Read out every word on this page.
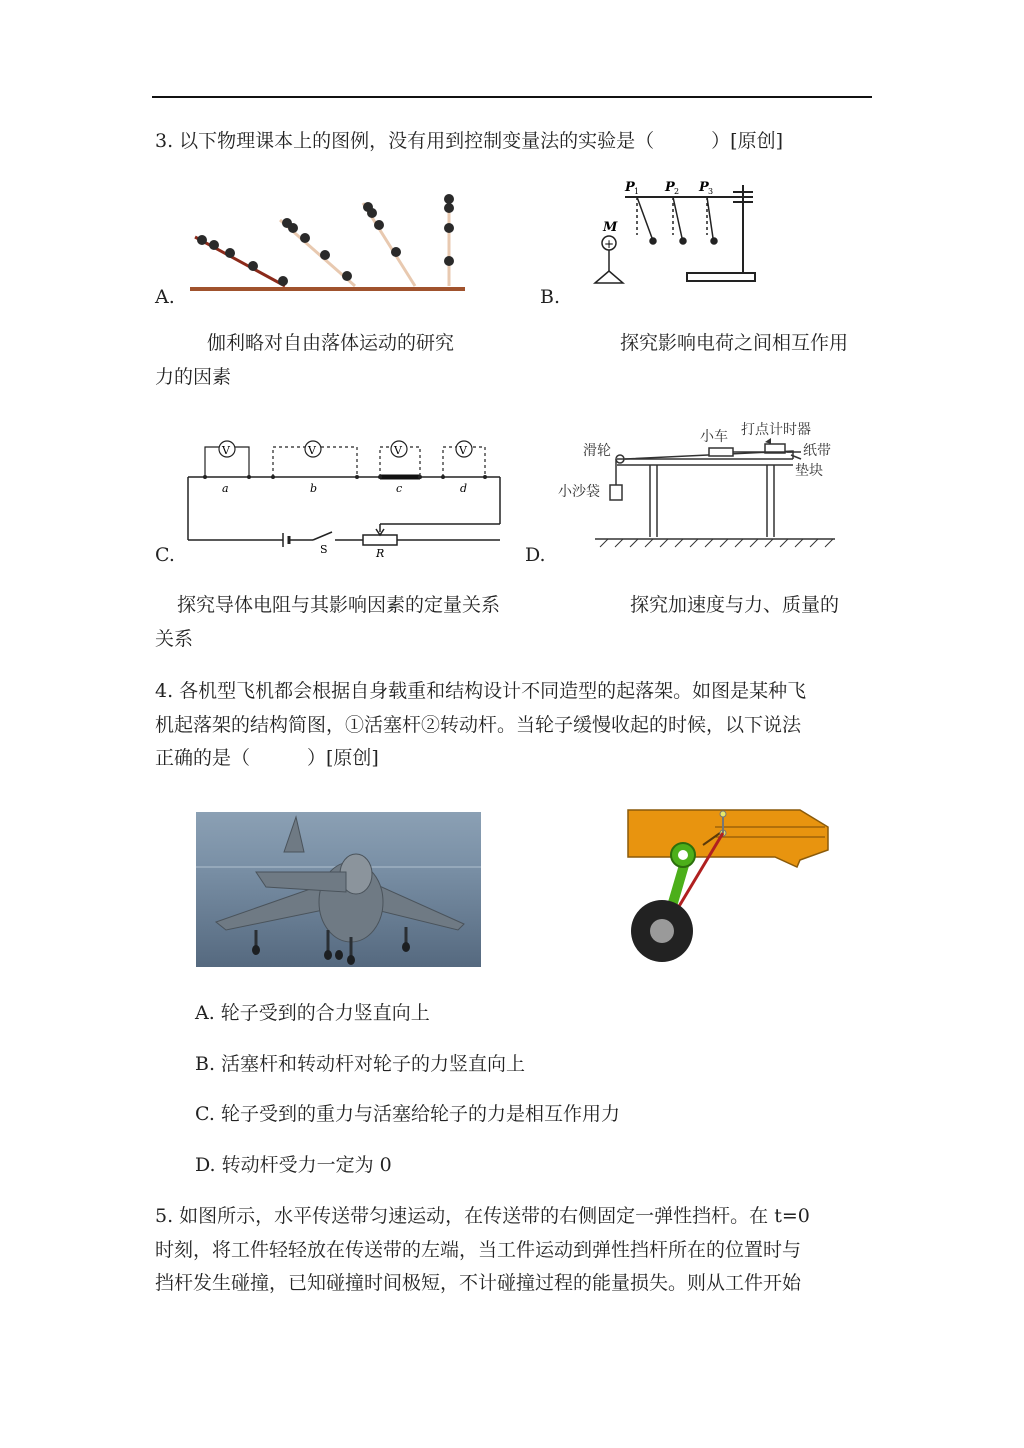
3. 以下物理课本上的图例，没有用到控制变量法的实验是（　　　）[原创]
A.
P 1 P 2 P 3
M
+
B.
伽利略对自由落体运动的研究	探究影响电荷之间相互作用
力的因素
V	V	V	V
a	b	c	d
S	R
C.
打点计时器
小车
滑轮	纸带
垫块
小沙袋
D.
探究导体电阻与其影响因素的定量关系	探究加速度与力、质量的
关系
4. 各机型飞机都会根据自身载重和结构设计不同造型的起落架。如图是某种飞
机起落架的结构简图，①活塞杆②转动杆。当轮子缓慢收起的时候，以下说法
正确的是（　　　）[原创]
A. 轮子受到的合力竖直向上
B. 活塞杆和转动杆对轮子的力竖直向上
C. 轮子受到的重力与活塞给轮子的力是相互作用力
D. 转动杆受力一定为 0
5. 如图所示，水平传送带匀速运动，在传送带的右侧固定一弹性挡杆。在 t=0
时刻，将工件轻轻放在传送带的左端，当工件运动到弹性挡杆所在的位置时与
挡杆发生碰撞，已知碰撞时间极短，不计碰撞过程的能量损失。则从工件开始
